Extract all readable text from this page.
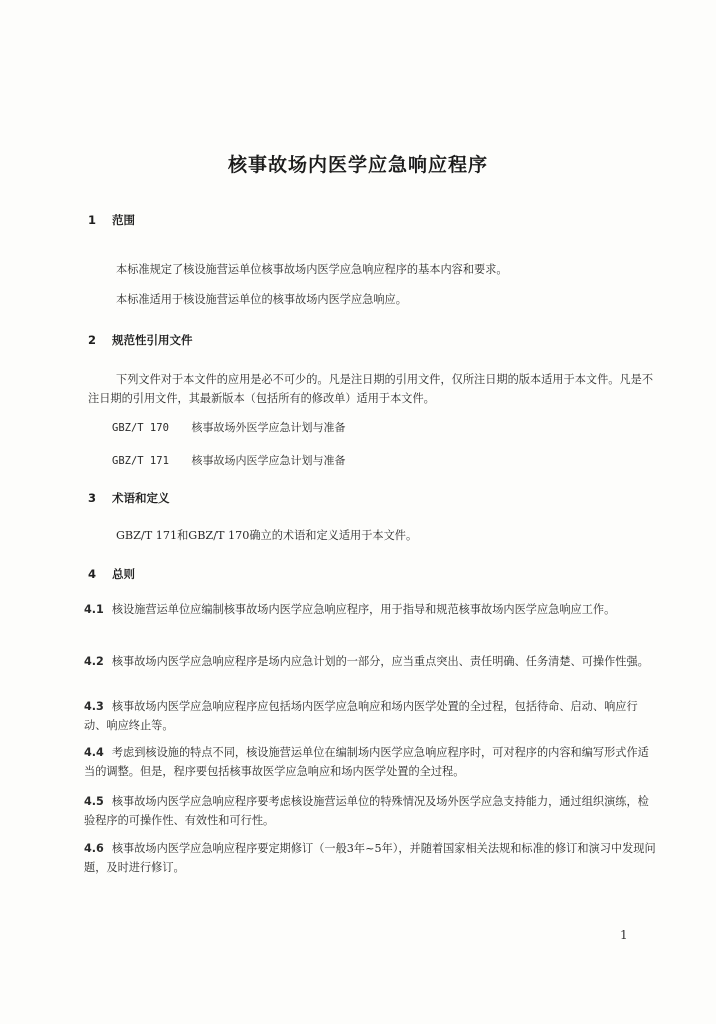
核事故场内医学应急响应程序
1 范围
本标准规定了核设施营运单位核事故场内医学应急响应程序的基本内容和要求。
本标准适用于核设施营运单位的核事故场内医学应急响应。
2 规范性引用文件
下列文件对于本文件的应用是必不可少的。凡是注日期的引用文件，仅所注日期的版本适用于本文件。凡是不注日期的引用文件，其最新版本（包括所有的修改单）适用于本文件。
GBZ/T 170 核事故场外医学应急计划与准备
GBZ/T 171 核事故场内医学应急计划与准备
3 术语和定义
GBZ/T 171和GBZ/T 170确立的术语和定义适用于本文件。
4 总则
4.1 核设施营运单位应编制核事故场内医学应急响应程序，用于指导和规范核事故场内医学应急响应工作。
4.2 核事故场内医学应急响应程序是场内应急计划的一部分，应当重点突出、责任明确、任务清楚、可操作性强。
4.3 核事故场内医学应急响应程序应包括场内医学应急响应和场内医学处置的全过程，包括待命、启动、响应行动、响应终止等。
4.4 考虑到核设施的特点不同，核设施营运单位在编制场内医学应急响应程序时，可对程序的内容和编写形式作适当的调整。但是，程序要包括核事故医学应急响应和场内医学处置的全过程。
4.5 核事故场内医学应急响应程序要考虑核设施营运单位的特殊情况及场外医学应急支持能力，通过组织演练，检验程序的可操作性、有效性和可行性。
4.6 核事故场内医学应急响应程序要定期修订（一般3年~5年），并随着国家相关法规和标准的修订和演习中发现问题，及时进行修订。
1
